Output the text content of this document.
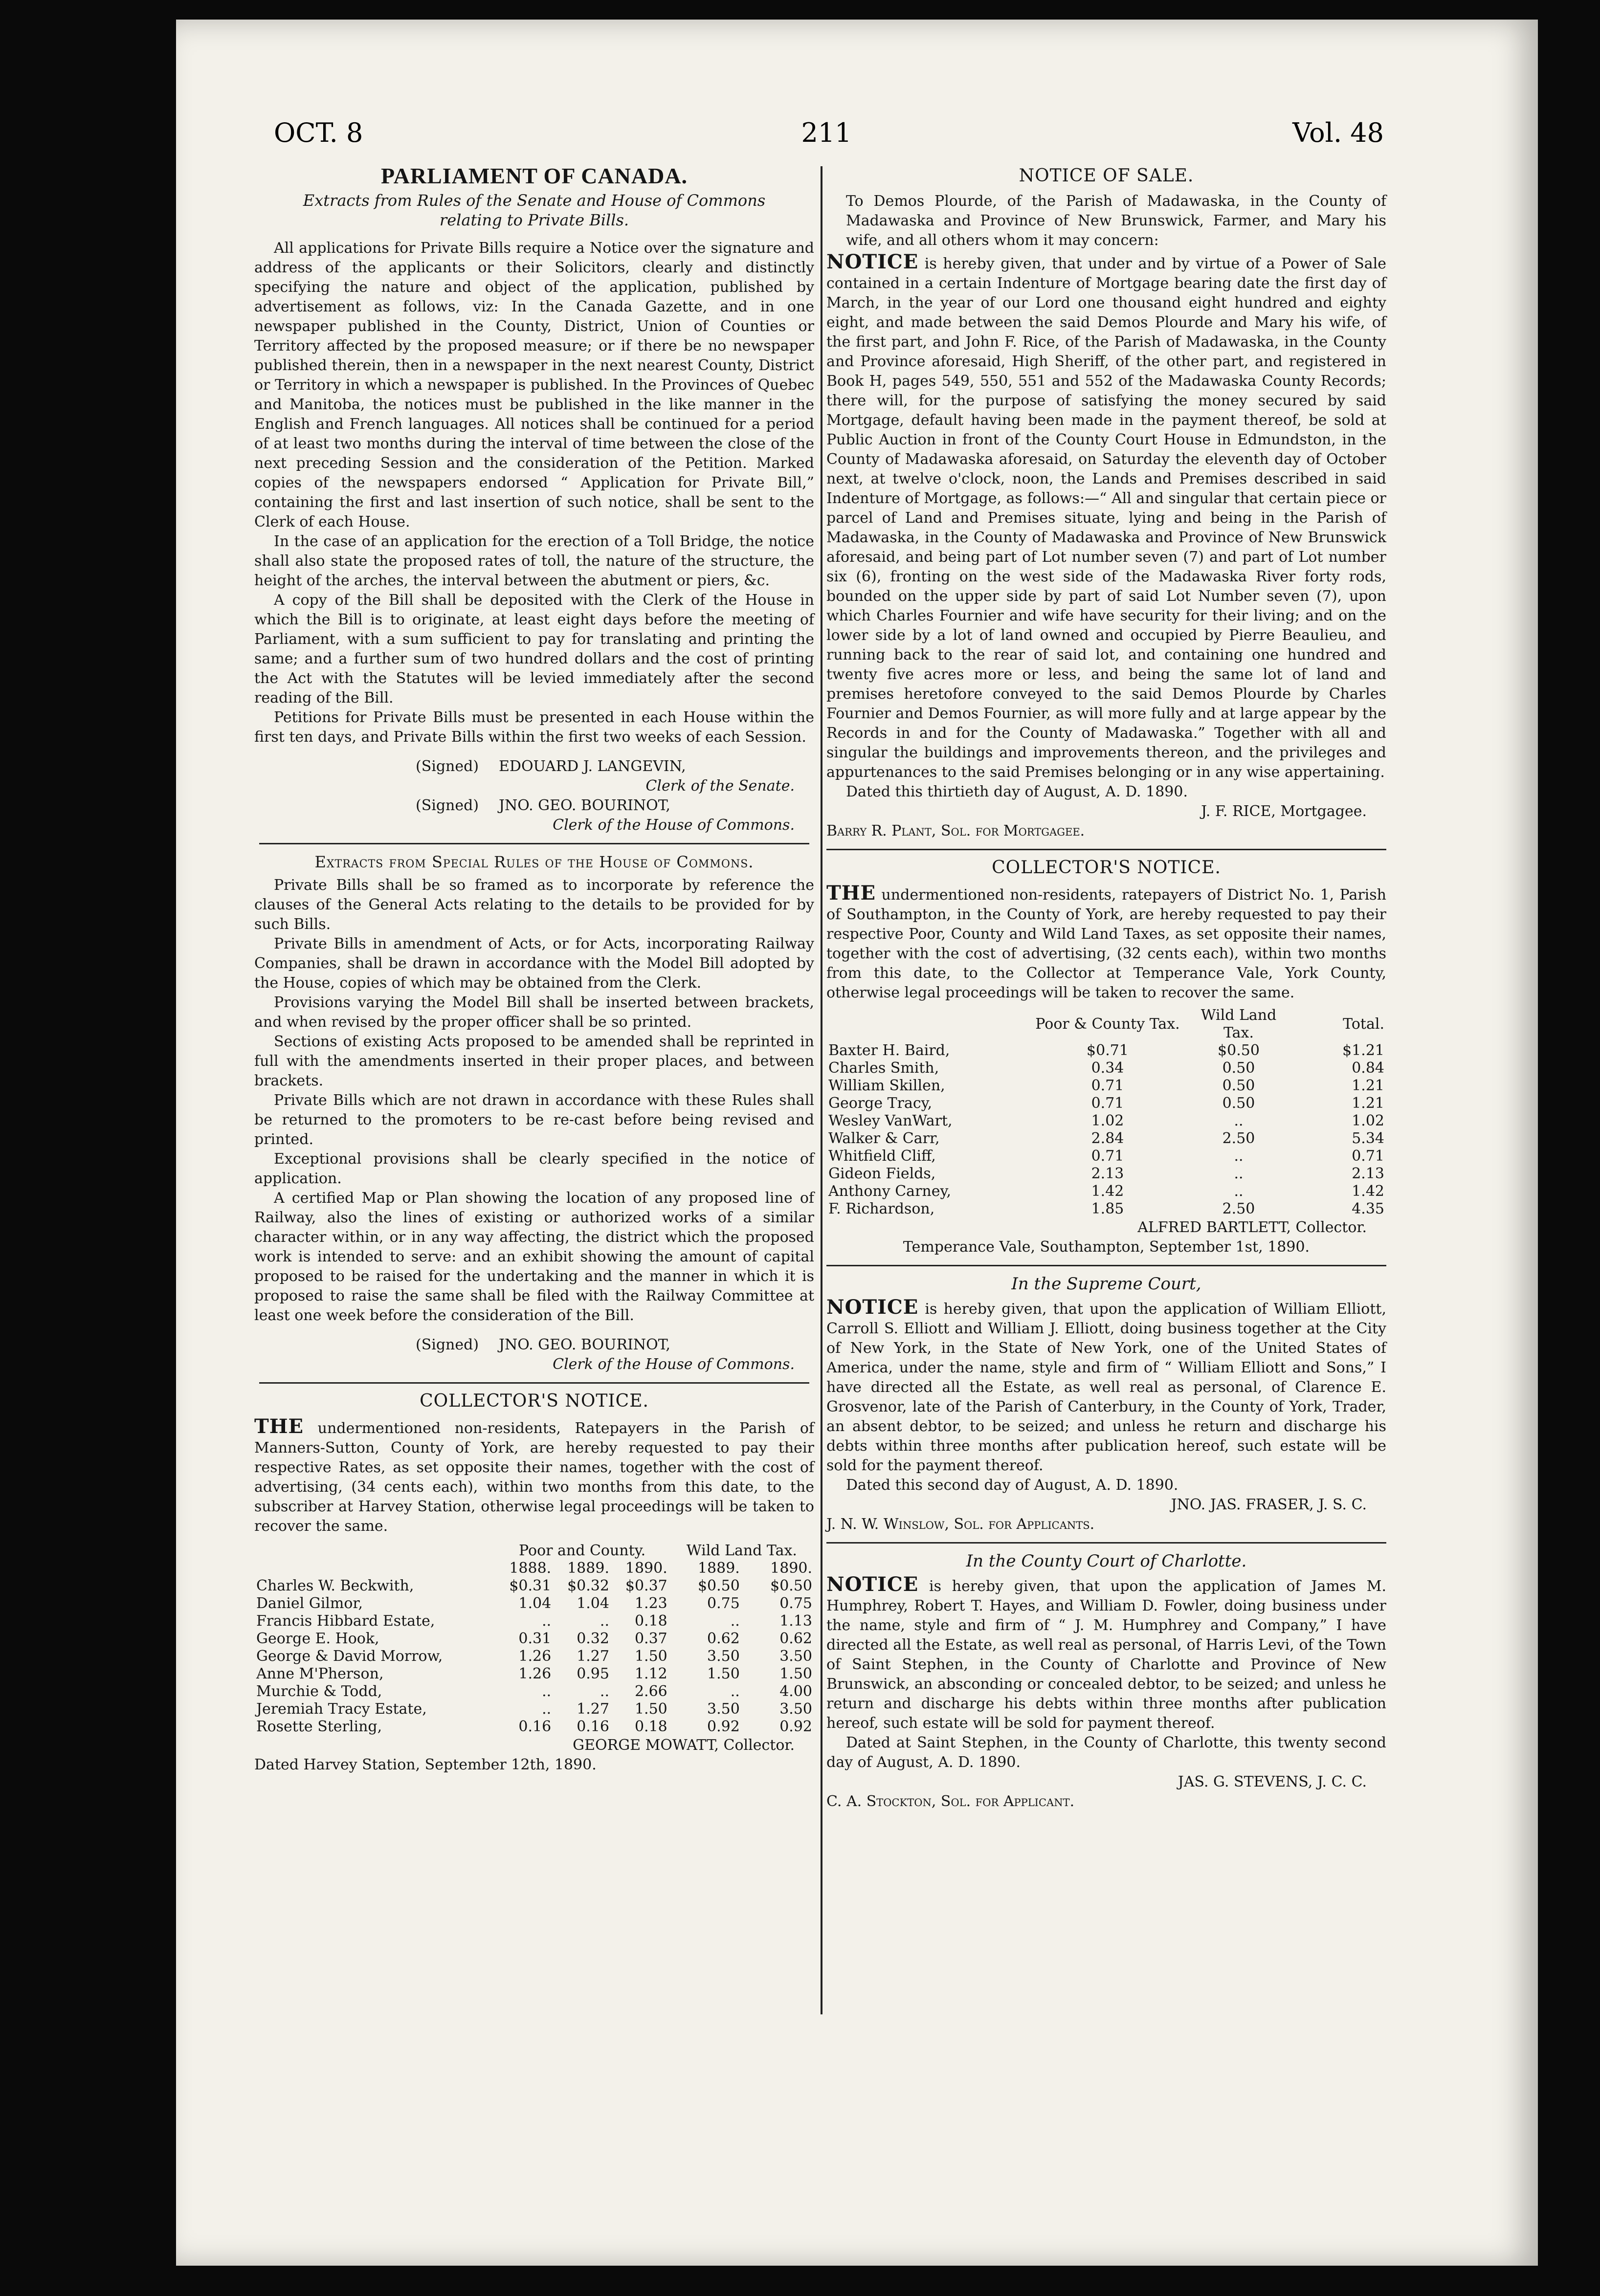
OCT. 8	211	Vol. 48
PARLIAMENT OF CANADA.
Extracts from Rules of the Senate and House of Commons relating to Private Bills.

All applications for Private Bills require a Notice over the signature and address of the applicants or their Solicitors, clearly and distinctly specifying the nature and object of the application, published by advertisement as follows, viz: In the Canada Gazette, and in one newspaper published in the County, District, Union of Counties or Territory affected by the proposed measure; or if there be no newspaper published therein, then in a newspaper in the next nearest County, District or Territory in which a newspaper is published. In the Provinces of Quebec and Manitoba, the notices must be published in the like manner in the English and French languages. All notices shall be continued for a period of at least two months during the interval of time between the close of the next preceding Session and the consideration of the Petition. Marked copies of the newspapers endorsed “ Application for Private Bill,” containing the first and last insertion of such notice, shall be sent to the Clerk of each House.

In the case of an application for the erection of a Toll Bridge, the notice shall also state the proposed rates of toll, the nature of the structure, the height of the arches, the interval between the abutment or piers, &c.

A copy of the Bill shall be deposited with the Clerk of the House in which the Bill is to originate, at least eight days before the meeting of Parliament, with a sum sufficient to pay for translating and printing the same; and a further sum of two hundred dollars and the cost of printing the Act with the Statutes will be levied immediately after the second reading of the Bill.

Petitions for Private Bills must be presented in each House within the first ten days, and Private Bills within the first two weeks of each Session.

(Signed)	EDOUARD J. LANGEVIN,
Clerk of the Senate.
(Signed)	JNO. GEO. BOURINOT,
Clerk of the House of Commons.
Extracts from Special Rules of the House of Commons.

Private Bills shall be so framed as to incorporate by reference the clauses of the General Acts relating to the details to be provided for by such Bills.

Private Bills in amendment of Acts, or for Acts, incorporating Railway Companies, shall be drawn in accordance with the Model Bill adopted by the House, copies of which may be obtained from the Clerk.

Provisions varying the Model Bill shall be inserted between brackets, and when revised by the proper officer shall be so printed.

Sections of existing Acts proposed to be amended shall be reprinted in full with the amendments inserted in their proper places, and between brackets.

Private Bills which are not drawn in accordance with these Rules shall be returned to the promoters to be re-cast before being revised and printed.

Exceptional provisions shall be clearly specified in the notice of application.

A certified Map or Plan showing the location of any proposed line of Railway, also the lines of existing or authorized works of a similar character within, or in any way affecting, the district which the proposed work is intended to serve: and an exhibit showing the amount of capital proposed to be raised for the undertaking and the manner in which it is proposed to raise the same shall be filed with the Railway Committee at least one week before the consideration of the Bill.

(Signed)	JNO. GEO. BOURINOT,
Clerk of the House of Commons.
COLLECTOR'S NOTICE.

THE undermentioned non-residents, Ratepayers in the Parish of Manners-Sutton, County of York, are hereby requested to pay their respective Rates, as set opposite their names, together with the cost of advertising, (34 cents each), within two months from this date, to the subscriber at Harvey Station, otherwise legal proceedings will be taken to recover the same.

	Poor and County.			Wild Land Tax.	
	1888.	1889.	1890.	1889.	1890.
Charles W. Beckwith,	$0.31	$0.32	$0.37	$0.50	$0.50
Daniel Gilmor,	1.04	1.04	1.23	0.75	0.75
Francis Hibbard Estate,	..	..	0.18	..	1.13
George E. Hook,	0.31	0.32	0.37	0.62	0.62
George & David Morrow,	1.26	1.27	1.50	3.50	3.50
Anne M'Pherson,	1.26	0.95	1.12	1.50	1.50
Murchie & Todd,	..	..	2.66	..	4.00
Jeremiah Tracy Estate,	..	1.27	1.50	3.50	3.50
Rosette Sterling,	0.16	0.16	0.18	0.92	0.92
GEORGE MOWATT, Collector.
Dated Harvey Station, September 12th, 1890.
NOTICE OF SALE.

To Demos Plourde, of the Parish of Madawaska, in the County of Madawaska and Province of New Brunswick, Farmer, and Mary his wife, and all others whom it may concern:

NOTICE is hereby given, that under and by virtue of a Power of Sale contained in a certain Indenture of Mortgage bearing date the first day of March, in the year of our Lord one thousand eight hundred and eighty eight, and made between the said Demos Plourde and Mary his wife, of the first part, and John F. Rice, of the Parish of Madawaska, in the County and Province aforesaid, High Sheriff, of the other part, and registered in Book H, pages 549, 550, 551 and 552 of the Madawaska County Records; there will, for the purpose of satisfying the money secured by said Mortgage, default having been made in the payment thereof, be sold at Public Auction in front of the County Court House in Edmundston, in the County of Madawaska aforesaid, on Saturday the eleventh day of October next, at twelve o'clock, noon, the Lands and Premises described in said Indenture of Mortgage, as follows:—“ All and singular that certain piece or parcel of Land and Premises situate, lying and being in the Parish of Madawaska, in the County of Madawaska and Province of New Brunswick aforesaid, and being part of Lot number seven (7) and part of Lot number six (6), fronting on the west side of the Madawaska River forty rods, bounded on the upper side by part of said Lot Number seven (7), upon which Charles Fournier and wife have security for their living; and on the lower side by a lot of land owned and occupied by Pierre Beaulieu, and running back to the rear of said lot, and containing one hundred and twenty five acres more or less, and being the same lot of land and premises heretofore conveyed to the said Demos Plourde by Charles Fournier and Demos Fournier, as will more fully and at large appear by the Records in and for the County of Madawaska.” Together with all and singular the buildings and improvements thereon, and the privileges and appurtenances to the said Premises belonging or in any wise appertaining.

Dated this thirtieth day of August, A. D. 1890.

J. F. RICE, Mortgagee.
Barry R. Plant, Sol. for Mortgagee.
COLLECTOR'S NOTICE.

THE undermentioned non-residents, ratepayers of District No. 1, Parish of Southampton, in the County of York, are hereby requested to pay their respective Poor, County and Wild Land Taxes, as set opposite their names, together with the cost of advertising, (32 cents each), within two months from this date, to the Collector at Temperance Vale, York County, otherwise legal proceedings will be taken to recover the same.

	Poor & County Tax.	Wild Land Tax.	Total.
Baxter H. Baird,	$0.71	$0.50	$1.21
Charles Smith,	0.34	0.50	0.84
William Skillen,	0.71	0.50	1.21
George Tracy,	0.71	0.50	1.21
Wesley VanWart,	1.02	..	1.02
Walker & Carr,	2.84	2.50	5.34
Whitfield Cliff,	0.71	..	0.71
Gideon Fields,	2.13	..	2.13
Anthony Carney,	1.42	..	1.42
F. Richardson,	1.85	2.50	4.35
ALFRED BARTLETT, Collector.
Temperance Vale, Southampton, September 1st, 1890.
In the Supreme Court,

NOTICE is hereby given, that upon the application of William Elliott, Carroll S. Elliott and William J. Elliott, doing business together at the City of New York, in the State of New York, one of the United States of America, under the name, style and firm of “ William Elliott and Sons,” I have directed all the Estate, as well real as personal, of Clarence E. Grosvenor, late of the Parish of Canterbury, in the County of York, Trader, an absent debtor, to be seized; and unless he return and discharge his debts within three months after publication hereof, such estate will be sold for the payment thereof.

Dated this second day of August, A. D. 1890.

JNO. JAS. FRASER, J. S. C.
J. N. W. Winslow, Sol. for Applicants.
In the County Court of Charlotte.

NOTICE is hereby given, that upon the application of James M. Humphrey, Robert T. Hayes, and William D. Fowler, doing business under the name, style and firm of “ J. M. Humphrey and Company,” I have directed all the Estate, as well real as personal, of Harris Levi, of the Town of Saint Stephen, in the County of Charlotte and Province of New Brunswick, an absconding or concealed debtor, to be seized; and unless he return and discharge his debts within three months after publication hereof, such estate will be sold for payment thereof.

Dated at Saint Stephen, in the County of Charlotte, this twenty second day of August, A. D. 1890.

JAS. G. STEVENS, J. C. C.
C. A. Stockton, Sol. for Applicant.
